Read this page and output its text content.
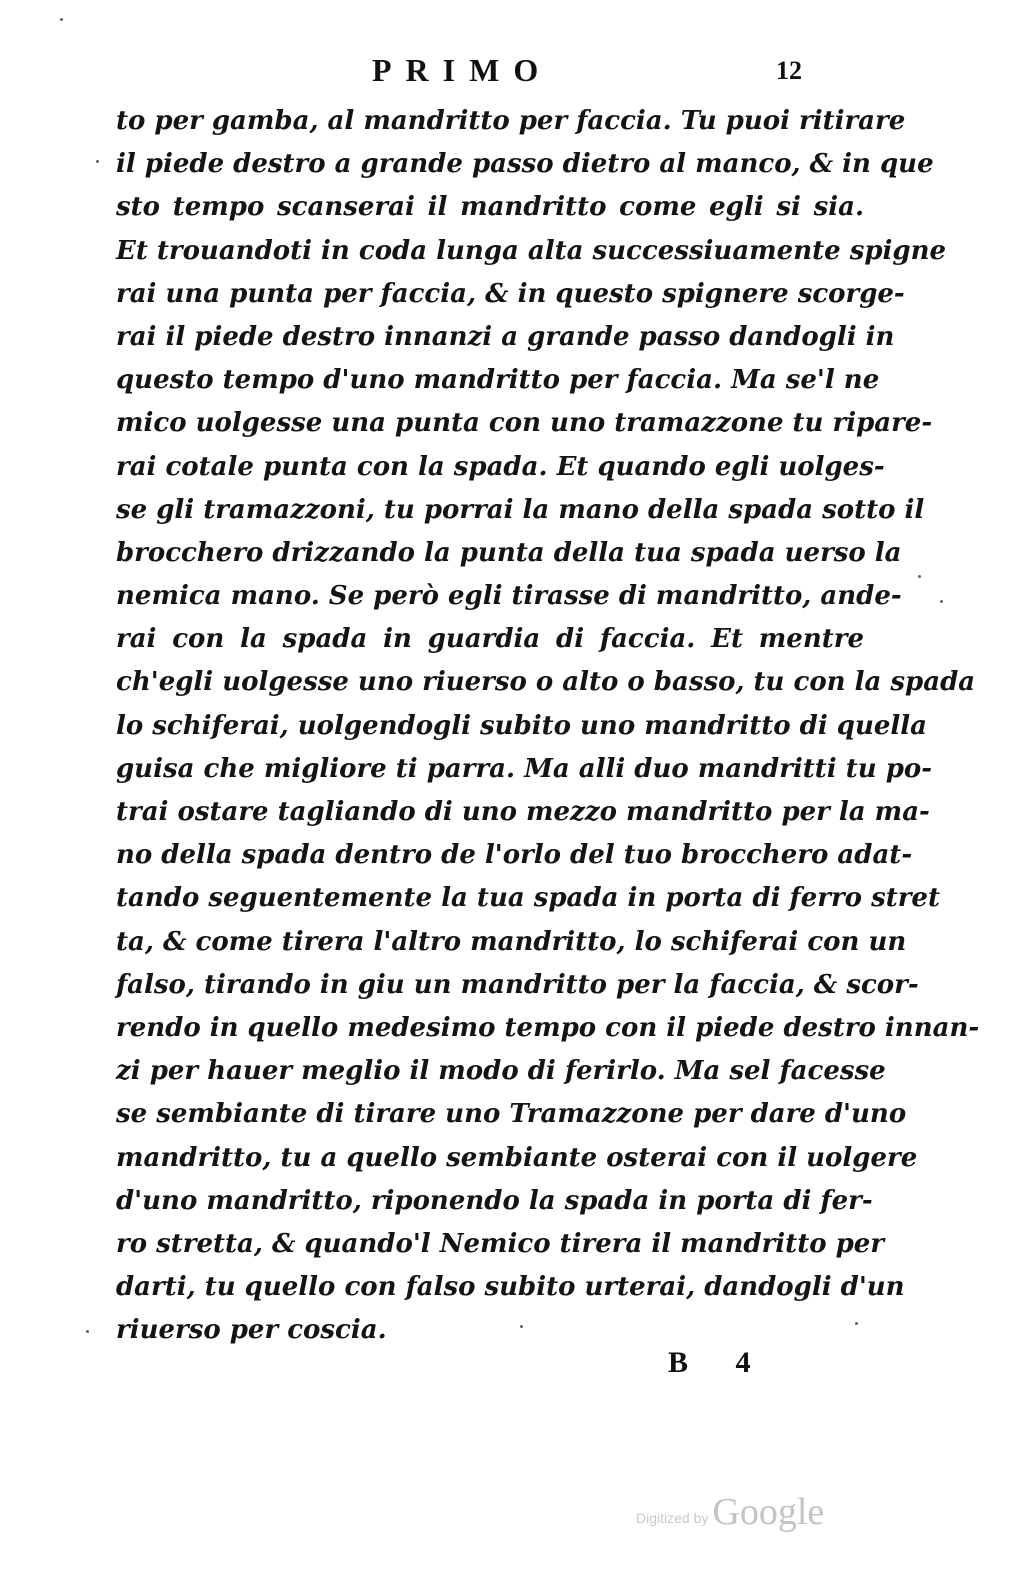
PRIMO	12
to per gamba, al mandritto per faccia. Tu puoi ritirare
il piede destro a grande passo dietro al manco, & in que
sto tempo scanserai il mandritto come egli si sia.
Et trouandoti in coda lunga alta successiuamente spigne
rai una punta per faccia, & in questo spignere scorge-
rai il piede destro innanzi a grande passo dandogli in
questo tempo d'uno mandritto per faccia. Ma se'l ne
mico uolgesse una punta con uno tramazzone tu ripare-
rai cotale punta con la spada. Et quando egli uolges-
se gli tramazzoni, tu porrai la mano della spada sotto il
brocchero drizzando la punta della tua spada uerso la
nemica mano. Se però egli tirasse di mandritto, ande-
rai con la spada in guardia di faccia. Et mentre
ch'egli uolgesse uno riuerso o alto o basso, tu con la spada
lo schiferai, uolgendogli subito uno mandritto di quella
guisa che migliore ti parra. Ma alli duo mandritti tu po-
trai ostare tagliando di uno mezzo mandritto per la ma-
no della spada dentro de l'orlo del tuo brocchero adat-
tando seguentemente la tua spada in porta di ferro stret
ta, & come tirera l'altro mandritto, lo schiferai con un
falso, tirando in giu un mandritto per la faccia, & scor-
rendo in quello medesimo tempo con il piede destro innan-
zi per hauer meglio il modo di ferirlo. Ma sel facesse
se sembiante di tirare uno Tramazzone per dare d'uno
mandritto, tu a quello sembiante osterai con il uolgere
d'uno mandritto, riponendo la spada in porta di fer-
ro stretta, & quando'l Nemico tirera il mandritto per
darti, tu quello con falso subito urterai, dandogli d'un
riuerso per coscia.
B 4
Digitized by Google
